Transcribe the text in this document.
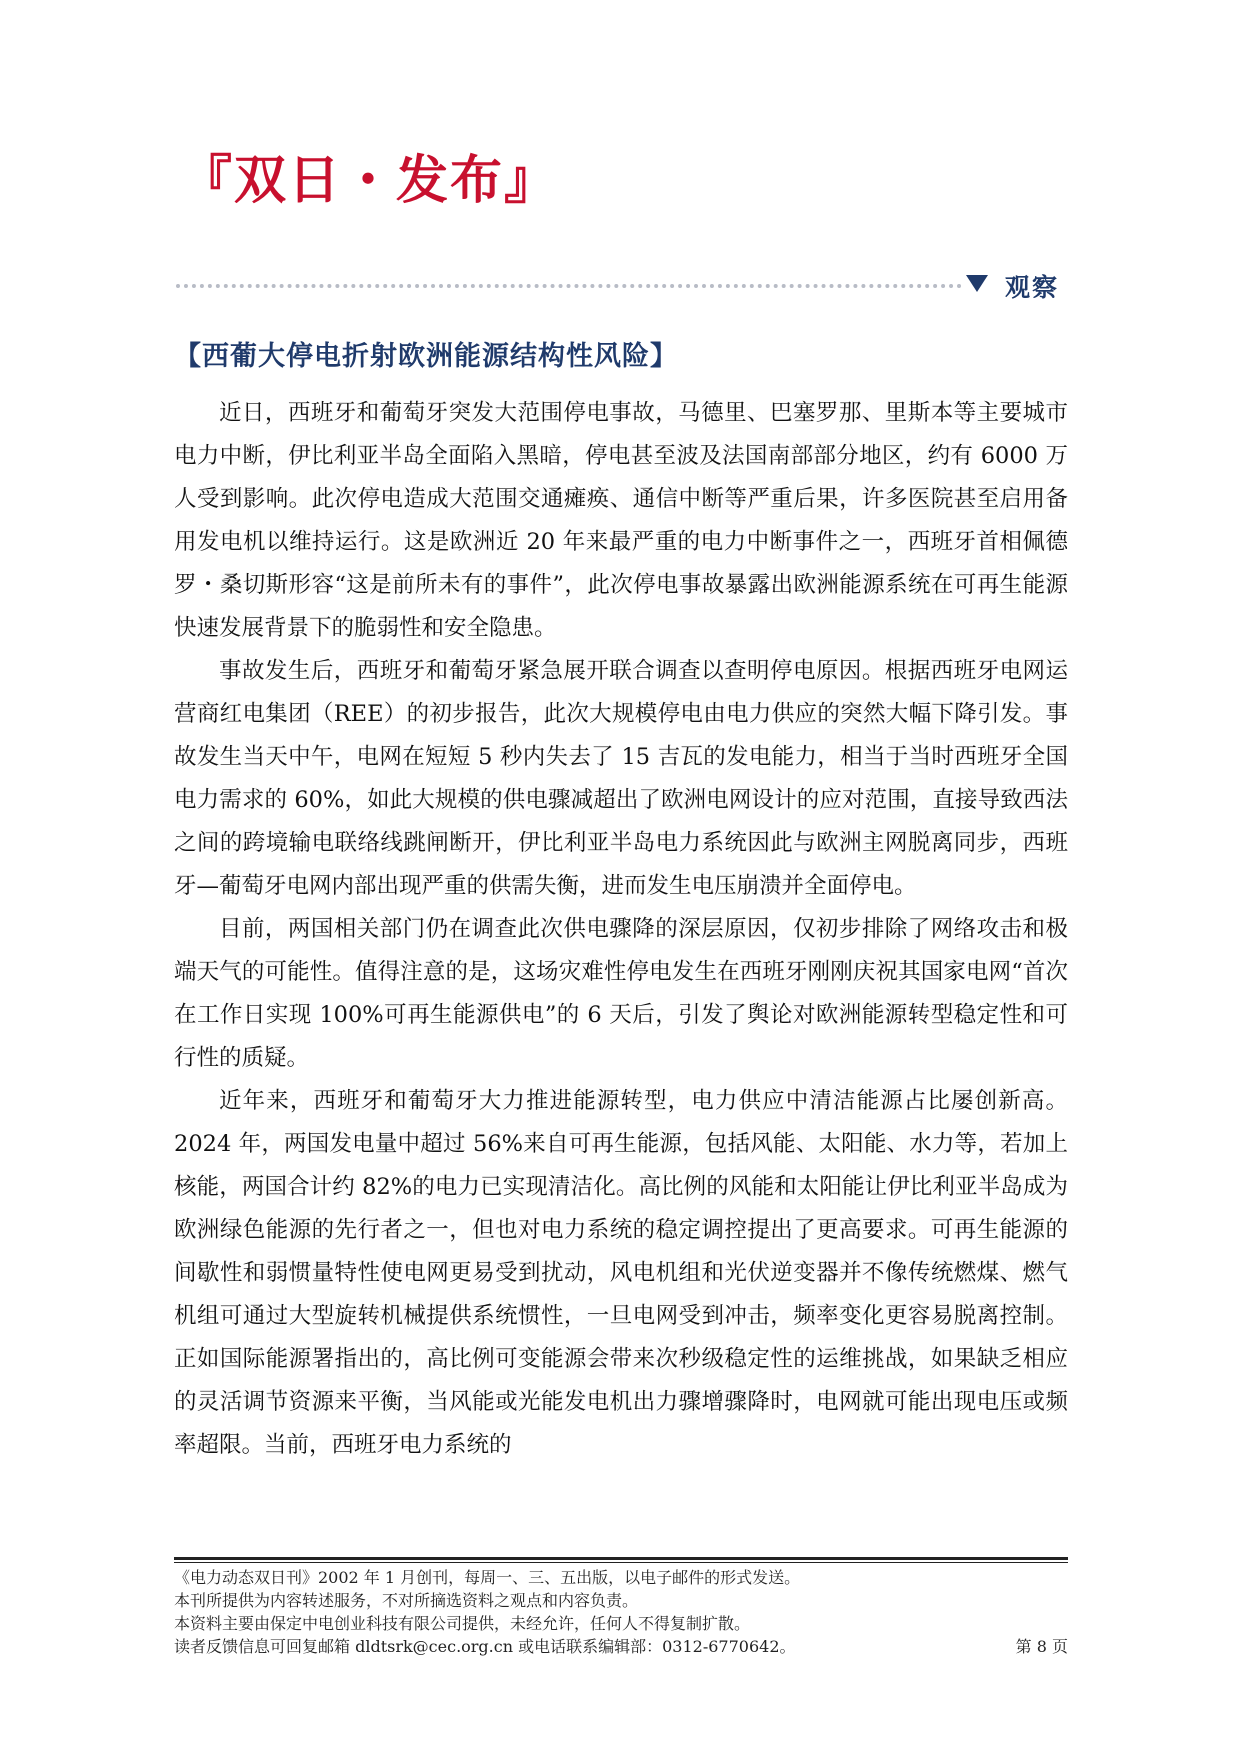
『双日・发布』
观察
【西葡大停电折射欧洲能源结构性风险】

近日，西班牙和葡萄牙突发大范围停电事故，马德里、巴塞罗那、里斯本等主要城市电力中断，伊比利亚半岛全面陷入黑暗，停电甚至波及法国南部部分地区，约有 6000 万人受到影响。此次停电造成大范围交通瘫痪、通信中断等严重后果，许多医院甚至启用备用发电机以维持运行。这是欧洲近 20 年来最严重的电力中断事件之一，西班牙首相佩德罗・桑切斯形容“这是前所未有的事件”，此次停电事故暴露出欧洲能源系统在可再生能源快速发展背景下的脆弱性和安全隐患。

事故发生后，西班牙和葡萄牙紧急展开联合调查以查明停电原因。根据西班牙电网运营商红电集团（REE）的初步报告，此次大规模停电由电力供应的突然大幅下降引发。事故发生当天中午，电网在短短 5 秒内失去了 15 吉瓦的发电能力，相当于当时西班牙全国电力需求的 60%，如此大规模的供电骤减超出了欧洲电网设计的应对范围，直接导致西法之间的跨境输电联络线跳闸断开，伊比利亚半岛电力系统因此与欧洲主网脱离同步，西班牙—葡萄牙电网内部出现严重的供需失衡，进而发生电压崩溃并全面停电。

目前，两国相关部门仍在调查此次供电骤降的深层原因，仅初步排除了网络攻击和极端天气的可能性。值得注意的是，这场灾难性停电发生在西班牙刚刚庆祝其国家电网“首次在工作日实现 100%可再生能源供电”的 6 天后，引发了舆论对欧洲能源转型稳定性和可行性的质疑。

近年来，西班牙和葡萄牙大力推进能源转型，电力供应中清洁能源占比屡创新高。2024 年，两国发电量中超过 56%来自可再生能源，包括风能、太阳能、水力等，若加上核能，两国合计约 82%的电力已实现清洁化。高比例的风能和太阳能让伊比利亚半岛成为欧洲绿色能源的先行者之一，但也对电力系统的稳定调控提出了更高要求。可再生能源的间歇性和弱惯量特性使电网更易受到扰动，风电机组和光伏逆变器并不像传统燃煤、燃气机组可通过大型旋转机械提供系统惯性，一旦电网受到冲击，频率变化更容易脱离控制。正如国际能源署指出的，高比例可变能源会带来次秒级稳定性的运维挑战，如果缺乏相应的灵活调节资源来平衡，当风能或光能发电机出力骤增骤降时，电网就可能出现电压或频率超限。当前，西班牙电力系统的

《电力动态双日刊》2002 年 1 月创刊，每周一、三、五出版，以电子邮件的形式发送。
本刊所提供为内容转述服务，不对所摘选资料之观点和内容负责。
本资料主要由保定中电创业科技有限公司提供，未经允许，任何人不得复制扩散。
读者反馈信息可回复邮箱 dldtsrk@cec.org.cn 或电话联系编辑部：0312-6770642。	第 8 页
